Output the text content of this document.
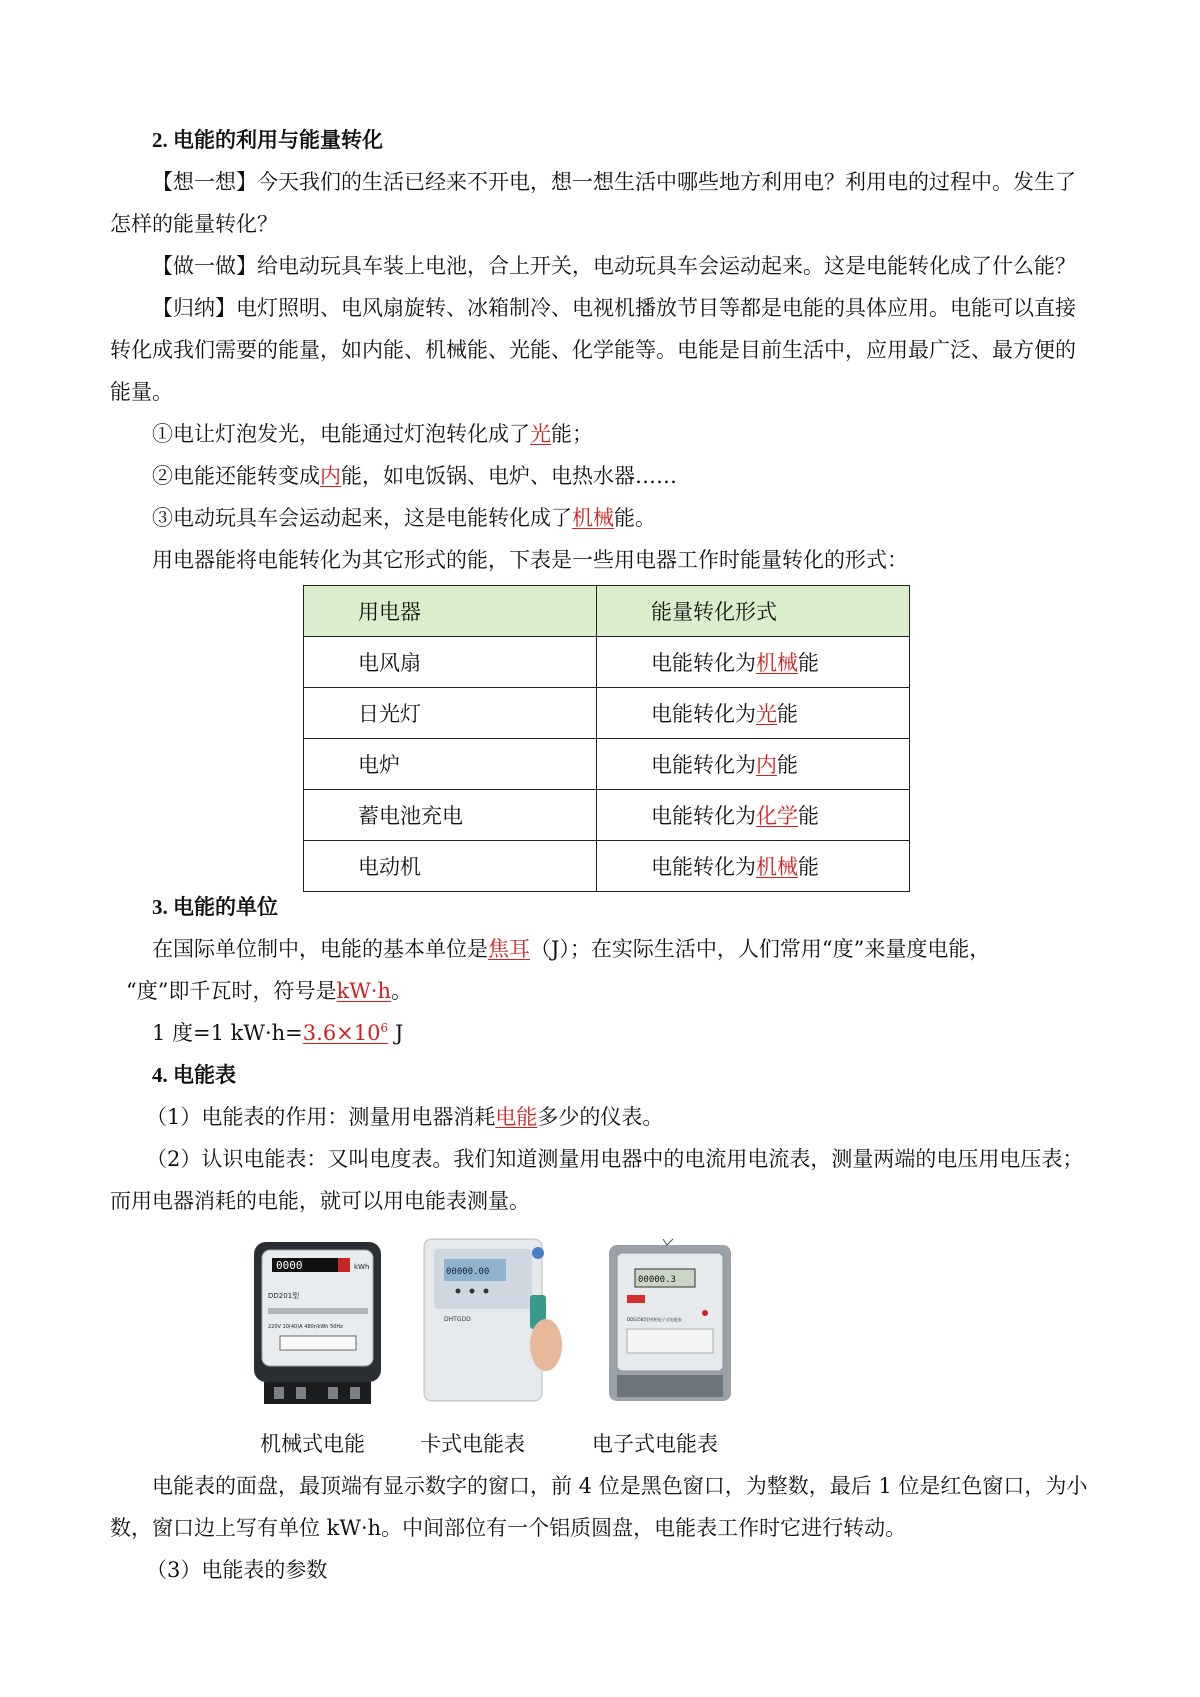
2. 电能的利用与能量转化
【想一想】今天我们的生活已经来不开电，想一想生活中哪些地方利用电？利用电的过程中。发生了
怎样的能量转化？
【做一做】给电动玩具车装上电池，合上开关，电动玩具车会运动起来。这是电能转化成了什么能？
【归纳】电灯照明、电风扇旋转、冰箱制冷、电视机播放节目等都是电能的具体应用。电能可以直接
转化成我们需要的能量，如内能、机械能、光能、化学能等。电能是目前生活中，应用最广泛、最方便的
能量。
①电让灯泡发光，电能通过灯泡转化成了光能；
②电能还能转变成内能，如电饭锅、电炉、电热水器……
③电动玩具车会运动起来，这是电能转化成了机械能。
用电器能将电能转化为其它形式的能，下表是一些用电器工作时能量转化的形式：
用电器	能量转化形式
电风扇	电能转化为机械能
日光灯	电能转化为光能
电炉	电能转化为内能
蓄电池充电	电能转化为化学能
电动机	电能转化为机械能
3. 电能的单位
在国际单位制中，电能的基本单位是焦耳（J）；在实际生活中，人们常用“度”来量度电能，
“度”即千瓦时，符号是kW·h。
1 度=1 $kW\cdot h=3.6\times 10^6$ J
4. 电能表
（1）电能表的作用：测量用电器消耗电能多少的仪表。
（2）认识电能表：又叫电度表。我们知道测量用电器中的电流用电流表，测量两端的电压用电压表；
而用电器消耗的电能，就可以用电能表测量。
0000	kWh
DD201型
220V 10(40)A 480r/kWh 50Hz
00000.00
DHTGDD
00000.3
DDS1585型单相电子式电能表
机械式电能	卡式电能表	电子式电能表
电能表的面盘，最顶端有显示数字的窗口，前 4 位是黑色窗口，为整数，最后 1 位是红色窗口，为小
数，窗口边上写有单位 kW·h。中间部位有一个铝质圆盘，电能表工作时它进行转动。
（3）电能表的参数
